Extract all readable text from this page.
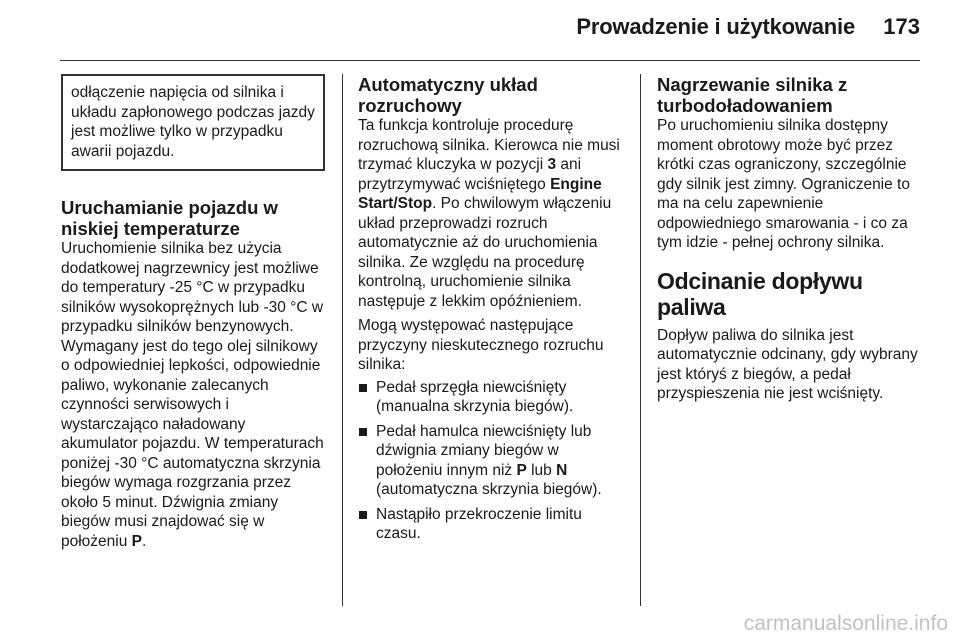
Prowadzenie i użytkowanie 173
odłączenie napięcia od silnika i układu zapłonowego podczas jazdy jest możliwe tylko w przypadku awarii pojazdu.
Uruchamianie pojazdu w niskiej temperaturze

Uruchomienie silnika bez użycia dodatkowej nagrzewnicy jest możliwe do temperatury -25 °C w przypadku silników wysokoprężnych lub -30 °C w przypadku silników benzynowych. Wymagany jest do tego olej silnikowy o odpowiedniej lepkości, odpowiednie paliwo, wykonanie zalecanych czynności serwisowych i wystarczająco naładowany akumulator pojazdu. W temperaturach poniżej -30 °C automatyczna skrzynia biegów wymaga rozgrzania przez około 5 minut. Dźwignia zmiany biegów musi znajdować się w położeniu P.

Automatyczny układ rozruchowy

Ta funkcja kontroluje procedurę rozruchową silnika. Kierowca nie musi trzymać kluczyka w pozycji 3 ani przytrzymywać wciśniętego Engine Start/Stop. Po chwilowym włączeniu układ przeprowadzi rozruch automatycznie aż do uruchomienia silnika. Ze względu na procedurę kontrolną, uruchomienie silnika następuje z lekkim opóźnieniem.

Mogą występować następujące przyczyny nieskutecznego rozruchu silnika:

Pedał sprzęgła niewciśnięty (manualna skrzynia biegów).
Pedał hamulca niewciśnięty lub dźwignia zmiany biegów w położeniu innym niż P lub N (automatyczna skrzynia biegów).
Nastąpiło przekroczenie limitu czasu.
Nagrzewanie silnika z turbodoładowaniem

Po uruchomieniu silnika dostępny moment obrotowy może być przez krótki czas ograniczony, szczególnie gdy silnik jest zimny. Ograniczenie to ma na celu zapewnienie odpowiedniego smarowania - i co za tym idzie - pełnej ochrony silnika.

Odcinanie dopływu paliwa

Dopływ paliwa do silnika jest automatycznie odcinany, gdy wybrany jest któryś z biegów, a pedał przyspieszenia nie jest wciśnięty.

carmanualsonline.info
